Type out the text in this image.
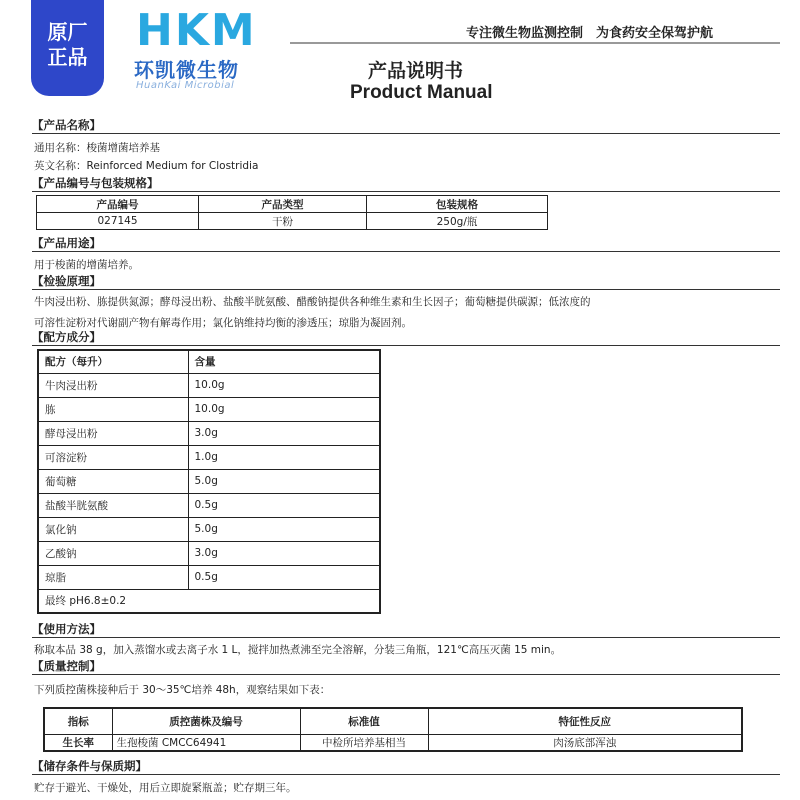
原厂
正品
HKM
环凯微生物
HuanKai Microbial
专注微生物监测控制　为食药安全保驾护航
产品说明书
Product Manual
【产品名称】
通用名称：梭菌增菌培养基
英文名称：Reinforced Medium for Clostridia
【产品编号与包装规格】
产品编号	产品类型	包装规格
027145	干粉	250g/瓶
【产品用途】
用于梭菌的增菌培养。
【检验原理】
牛肉浸出粉、胨提供氮源；酵母浸出粉、盐酸半胱氨酸、醋酸钠提供各种维生素和生长因子；葡萄糖提供碳源；低浓度的
可溶性淀粉对代谢副产物有解毒作用；氯化钠维持均衡的渗透压；琼脂为凝固剂。
【配方成分】
配方（每升）	含量
牛肉浸出粉	10.0g
胨	10.0g
酵母浸出粉	3.0g
可溶淀粉	1.0g
葡萄糖	5.0g
盐酸半胱氨酸	0.5g
氯化钠	5.0g
乙酸钠	3.0g
琼脂	0.5g
最终 pH6.8±0.2	
【使用方法】
称取本品 38 g，加入蒸馏水或去离子水 1 L，搅拌加热煮沸至完全溶解，分装三角瓶，121℃高压灭菌 15 min。
【质量控制】
下列质控菌株接种后于 30～35℃培养 48h，观察结果如下表：
指标	质控菌株及编号	标准值	特征性反应
生长率	生孢梭菌 CMCC64941	中检所培养基相当	肉汤底部浑浊
【储存条件与保质期】
贮存于避光、干燥处，用后立即旋紧瓶盖；贮存期三年。
